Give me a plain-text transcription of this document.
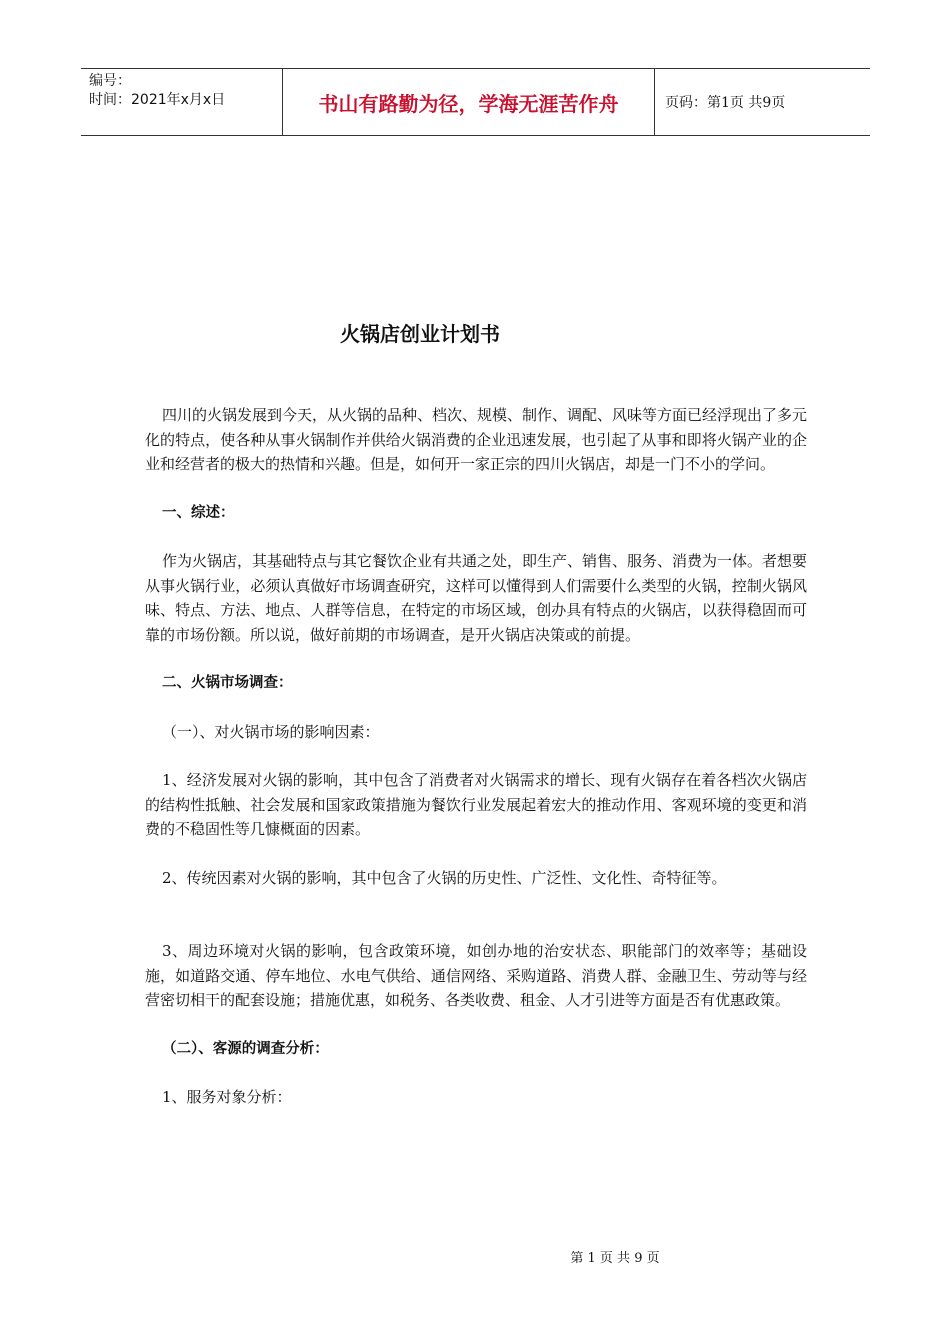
编号：
时间：2021年x月x日	书山有路勤为径，学海无涯苦作舟	页码：第1页 共9页
火锅店创业计划书

四川的火锅发展到今天，从火锅的品种、档次、规模、制作、调配、风味等方面已经浮现出了多元化的特点，使各种从事火锅制作并供给火锅消费的企业迅速发展，也引起了从事和即将火锅产业的企业和经营者的极大的热情和兴趣。但是，如何开一家正宗的四川火锅店，却是一门不小的学问。

一、综述：

作为火锅店，其基础特点与其它餐饮企业有共通之处，即生产、销售、服务、消费为一体。者想要从事火锅行业，必须认真做好市场调查研究，这样可以懂得到人们需要什么类型的火锅，控制火锅风味、特点、方法、地点、人群等信息，在特定的市场区域，创办具有特点的火锅店，以获得稳固而可靠的市场份额。所以说，做好前期的市场调查，是开火锅店决策或的前提。

二、火锅市场调查：

（一）、对火锅市场的影响因素：

1、经济发展对火锅的影响，其中包含了消费者对火锅需求的增长、现有火锅存在着各档次火锅店的结构性抵触、社会发展和国家政策措施为餐饮行业发展起着宏大的推动作用、客观环境的变更和消费的不稳固性等几慷概面的因素。

2、传统因素对火锅的影响，其中包含了火锅的历史性、广泛性、文化性、奇特征等。

3、周边环境对火锅的影响，包含政策环境，如创办地的治安状态、职能部门的效率等；基础设施，如道路交通、停车地位、水电气供给、通信网络、采购道路、消费人群、金融卫生、劳动等与经营密切相干的配套设施；措施优惠，如税务、各类收费、租金、人才引进等方面是否有优惠政策。

（二）、客源的调查分析：

1、服务对象分析：

第 1 页 共 9 页
